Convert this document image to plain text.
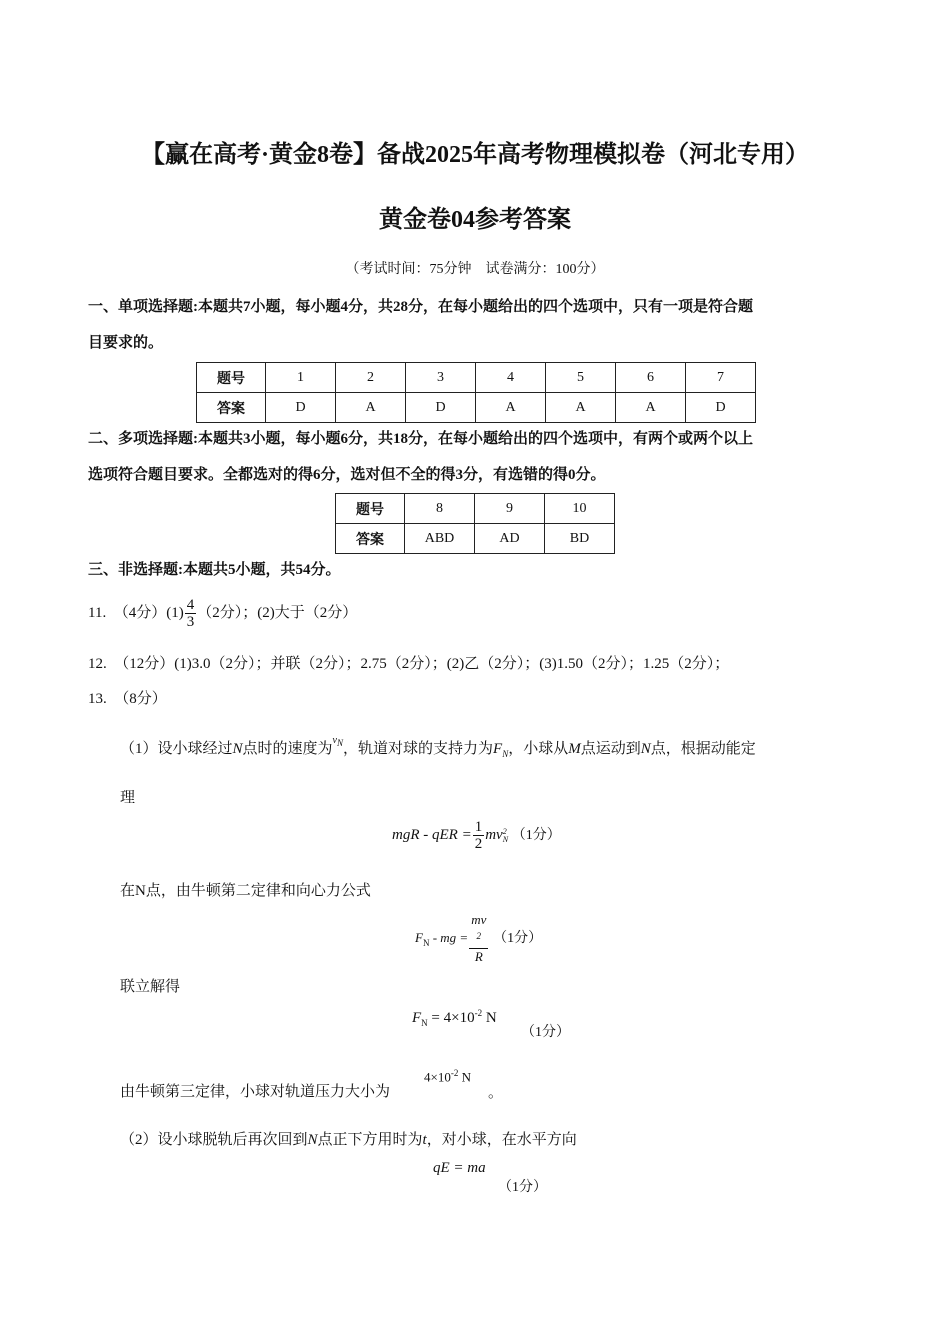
【赢在高考·黄金8卷】备战2025年高考物理模拟卷（河北专用）
黄金卷04参考答案
（考试时间：75分钟　试卷满分：100分）
一、单项选择题:本题共7小题，每小题4分，共28分，在每小题给出的四个选项中，只有一项是符合题
目要求的。
题号	1	2	3	4	5	6	7
答案	D	A	D	A	A	A	D
二、多项选择题:本题共3小题，每小题6分，共18分，在每小题给出的四个选项中，有两个或两个以上
选项符合题目要求。全都选对的得6分，选对但不全的得3分，有选错的得0分。
题号	8	9	10
答案	ABD	AD	BD
三、非选择题:本题共5小题，共54分。
11. （4分）$(1) \frac{4}{3} (2$分）；(2)大于（2分）
12. （12分）(1)3.0（2分）；并联（2分）；2.75（2分）；(2)乙（2分）；(3)1.50（2分）；1.25（2分）；
13. （8分）
（1）设小球经过N点时的速度为$^{v_N}$，轨道对球的支持力为$F_N$，小球从M点运动到N点，根据动能定
理
mgR - qER = $\frac{1}{2}$ mv 2
N （1分）
在N点，由牛顿第二定律和向心力公式
$F_N$ - mg = mv
$^2$
R （1分）
联立解得
$F_N = 4\times 10^{-2}$ N
（1分）
由牛顿第三定律，小球对轨道压力大小为
$4\times 10^{-2}$ N
。
（2）设小球脱轨后再次回到N点正下方用时为t，对小球，在水平方向
qE = ma
（1分）
